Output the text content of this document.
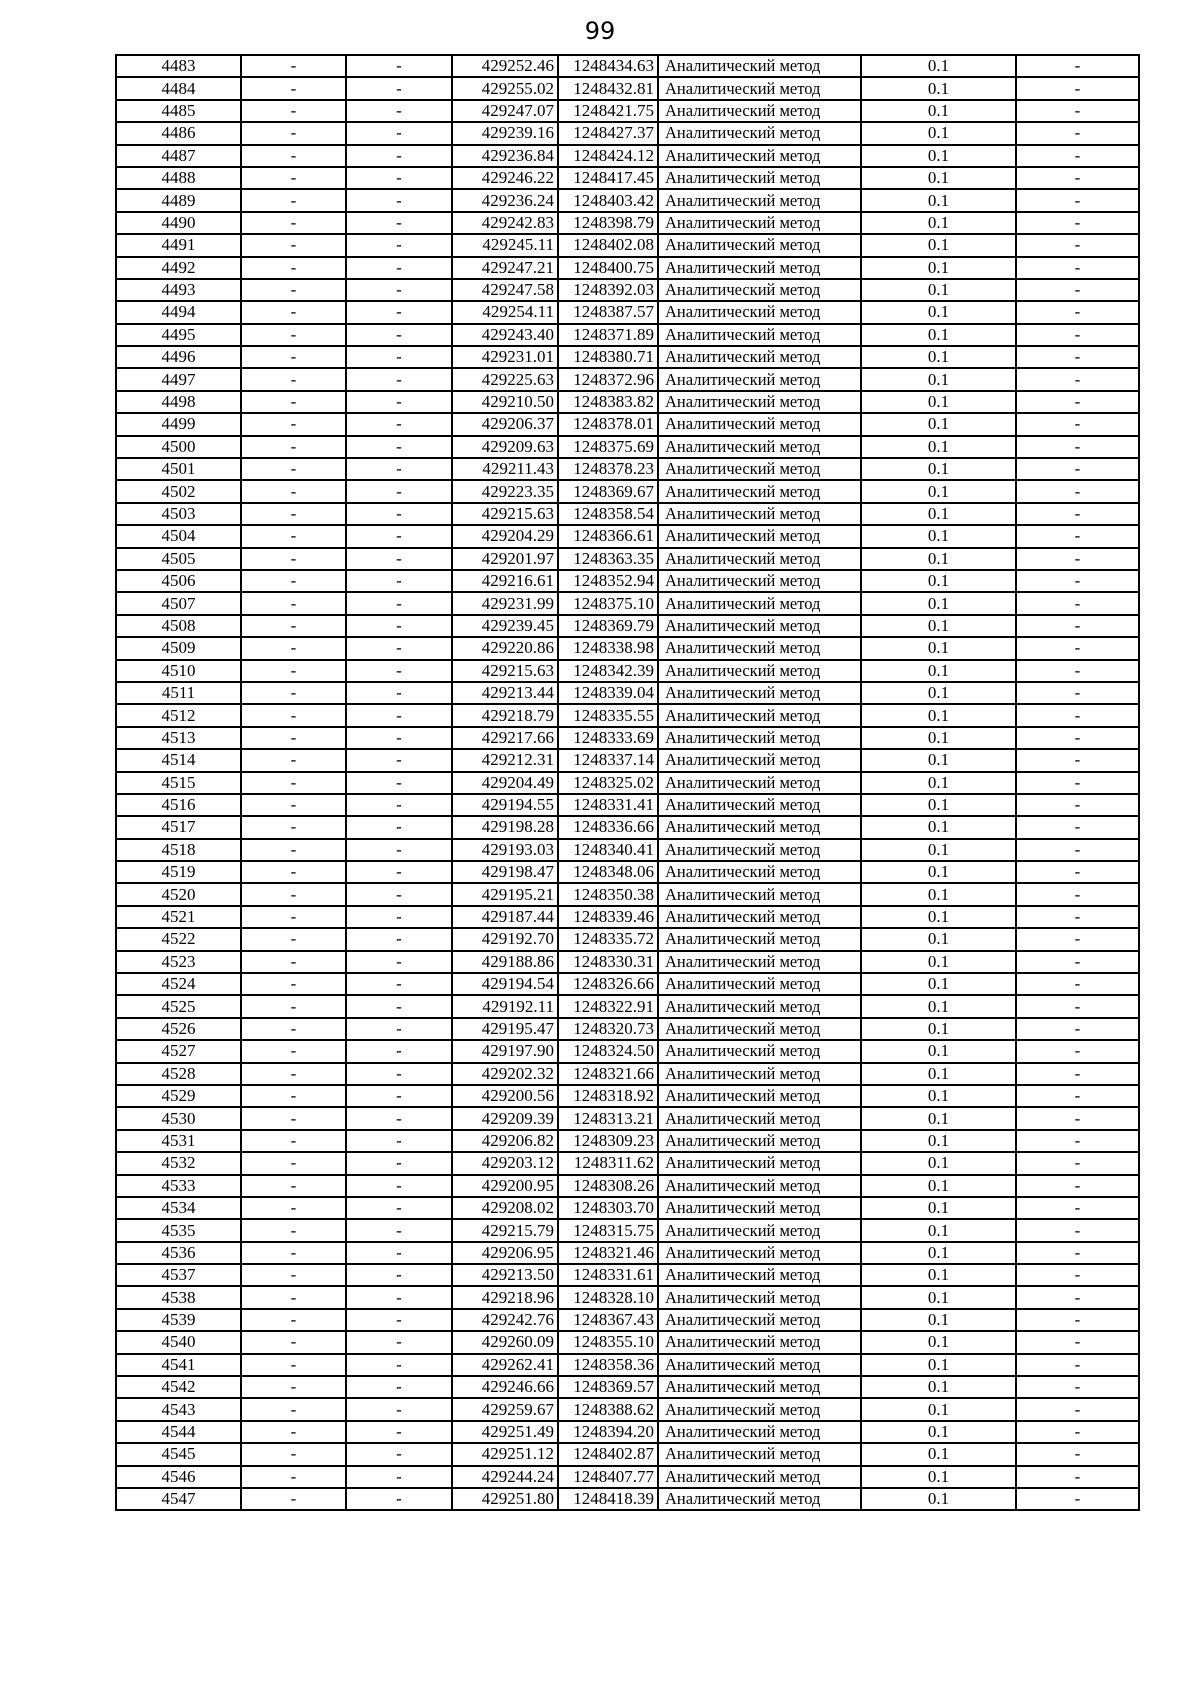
99
4483	-	-	429252.46	1248434.63	Аналитический метод	0.1	-
4484	-	-	429255.02	1248432.81	Аналитический метод	0.1	-
4485	-	-	429247.07	1248421.75	Аналитический метод	0.1	-
4486	-	-	429239.16	1248427.37	Аналитический метод	0.1	-
4487	-	-	429236.84	1248424.12	Аналитический метод	0.1	-
4488	-	-	429246.22	1248417.45	Аналитический метод	0.1	-
4489	-	-	429236.24	1248403.42	Аналитический метод	0.1	-
4490	-	-	429242.83	1248398.79	Аналитический метод	0.1	-
4491	-	-	429245.11	1248402.08	Аналитический метод	0.1	-
4492	-	-	429247.21	1248400.75	Аналитический метод	0.1	-
4493	-	-	429247.58	1248392.03	Аналитический метод	0.1	-
4494	-	-	429254.11	1248387.57	Аналитический метод	0.1	-
4495	-	-	429243.40	1248371.89	Аналитический метод	0.1	-
4496	-	-	429231.01	1248380.71	Аналитический метод	0.1	-
4497	-	-	429225.63	1248372.96	Аналитический метод	0.1	-
4498	-	-	429210.50	1248383.82	Аналитический метод	0.1	-
4499	-	-	429206.37	1248378.01	Аналитический метод	0.1	-
4500	-	-	429209.63	1248375.69	Аналитический метод	0.1	-
4501	-	-	429211.43	1248378.23	Аналитический метод	0.1	-
4502	-	-	429223.35	1248369.67	Аналитический метод	0.1	-
4503	-	-	429215.63	1248358.54	Аналитический метод	0.1	-
4504	-	-	429204.29	1248366.61	Аналитический метод	0.1	-
4505	-	-	429201.97	1248363.35	Аналитический метод	0.1	-
4506	-	-	429216.61	1248352.94	Аналитический метод	0.1	-
4507	-	-	429231.99	1248375.10	Аналитический метод	0.1	-
4508	-	-	429239.45	1248369.79	Аналитический метод	0.1	-
4509	-	-	429220.86	1248338.98	Аналитический метод	0.1	-
4510	-	-	429215.63	1248342.39	Аналитический метод	0.1	-
4511	-	-	429213.44	1248339.04	Аналитический метод	0.1	-
4512	-	-	429218.79	1248335.55	Аналитический метод	0.1	-
4513	-	-	429217.66	1248333.69	Аналитический метод	0.1	-
4514	-	-	429212.31	1248337.14	Аналитический метод	0.1	-
4515	-	-	429204.49	1248325.02	Аналитический метод	0.1	-
4516	-	-	429194.55	1248331.41	Аналитический метод	0.1	-
4517	-	-	429198.28	1248336.66	Аналитический метод	0.1	-
4518	-	-	429193.03	1248340.41	Аналитический метод	0.1	-
4519	-	-	429198.47	1248348.06	Аналитический метод	0.1	-
4520	-	-	429195.21	1248350.38	Аналитический метод	0.1	-
4521	-	-	429187.44	1248339.46	Аналитический метод	0.1	-
4522	-	-	429192.70	1248335.72	Аналитический метод	0.1	-
4523	-	-	429188.86	1248330.31	Аналитический метод	0.1	-
4524	-	-	429194.54	1248326.66	Аналитический метод	0.1	-
4525	-	-	429192.11	1248322.91	Аналитический метод	0.1	-
4526	-	-	429195.47	1248320.73	Аналитический метод	0.1	-
4527	-	-	429197.90	1248324.50	Аналитический метод	0.1	-
4528	-	-	429202.32	1248321.66	Аналитический метод	0.1	-
4529	-	-	429200.56	1248318.92	Аналитический метод	0.1	-
4530	-	-	429209.39	1248313.21	Аналитический метод	0.1	-
4531	-	-	429206.82	1248309.23	Аналитический метод	0.1	-
4532	-	-	429203.12	1248311.62	Аналитический метод	0.1	-
4533	-	-	429200.95	1248308.26	Аналитический метод	0.1	-
4534	-	-	429208.02	1248303.70	Аналитический метод	0.1	-
4535	-	-	429215.79	1248315.75	Аналитический метод	0.1	-
4536	-	-	429206.95	1248321.46	Аналитический метод	0.1	-
4537	-	-	429213.50	1248331.61	Аналитический метод	0.1	-
4538	-	-	429218.96	1248328.10	Аналитический метод	0.1	-
4539	-	-	429242.76	1248367.43	Аналитический метод	0.1	-
4540	-	-	429260.09	1248355.10	Аналитический метод	0.1	-
4541	-	-	429262.41	1248358.36	Аналитический метод	0.1	-
4542	-	-	429246.66	1248369.57	Аналитический метод	0.1	-
4543	-	-	429259.67	1248388.62	Аналитический метод	0.1	-
4544	-	-	429251.49	1248394.20	Аналитический метод	0.1	-
4545	-	-	429251.12	1248402.87	Аналитический метод	0.1	-
4546	-	-	429244.24	1248407.77	Аналитический метод	0.1	-
4547	-	-	429251.80	1248418.39	Аналитический метод	0.1	-
